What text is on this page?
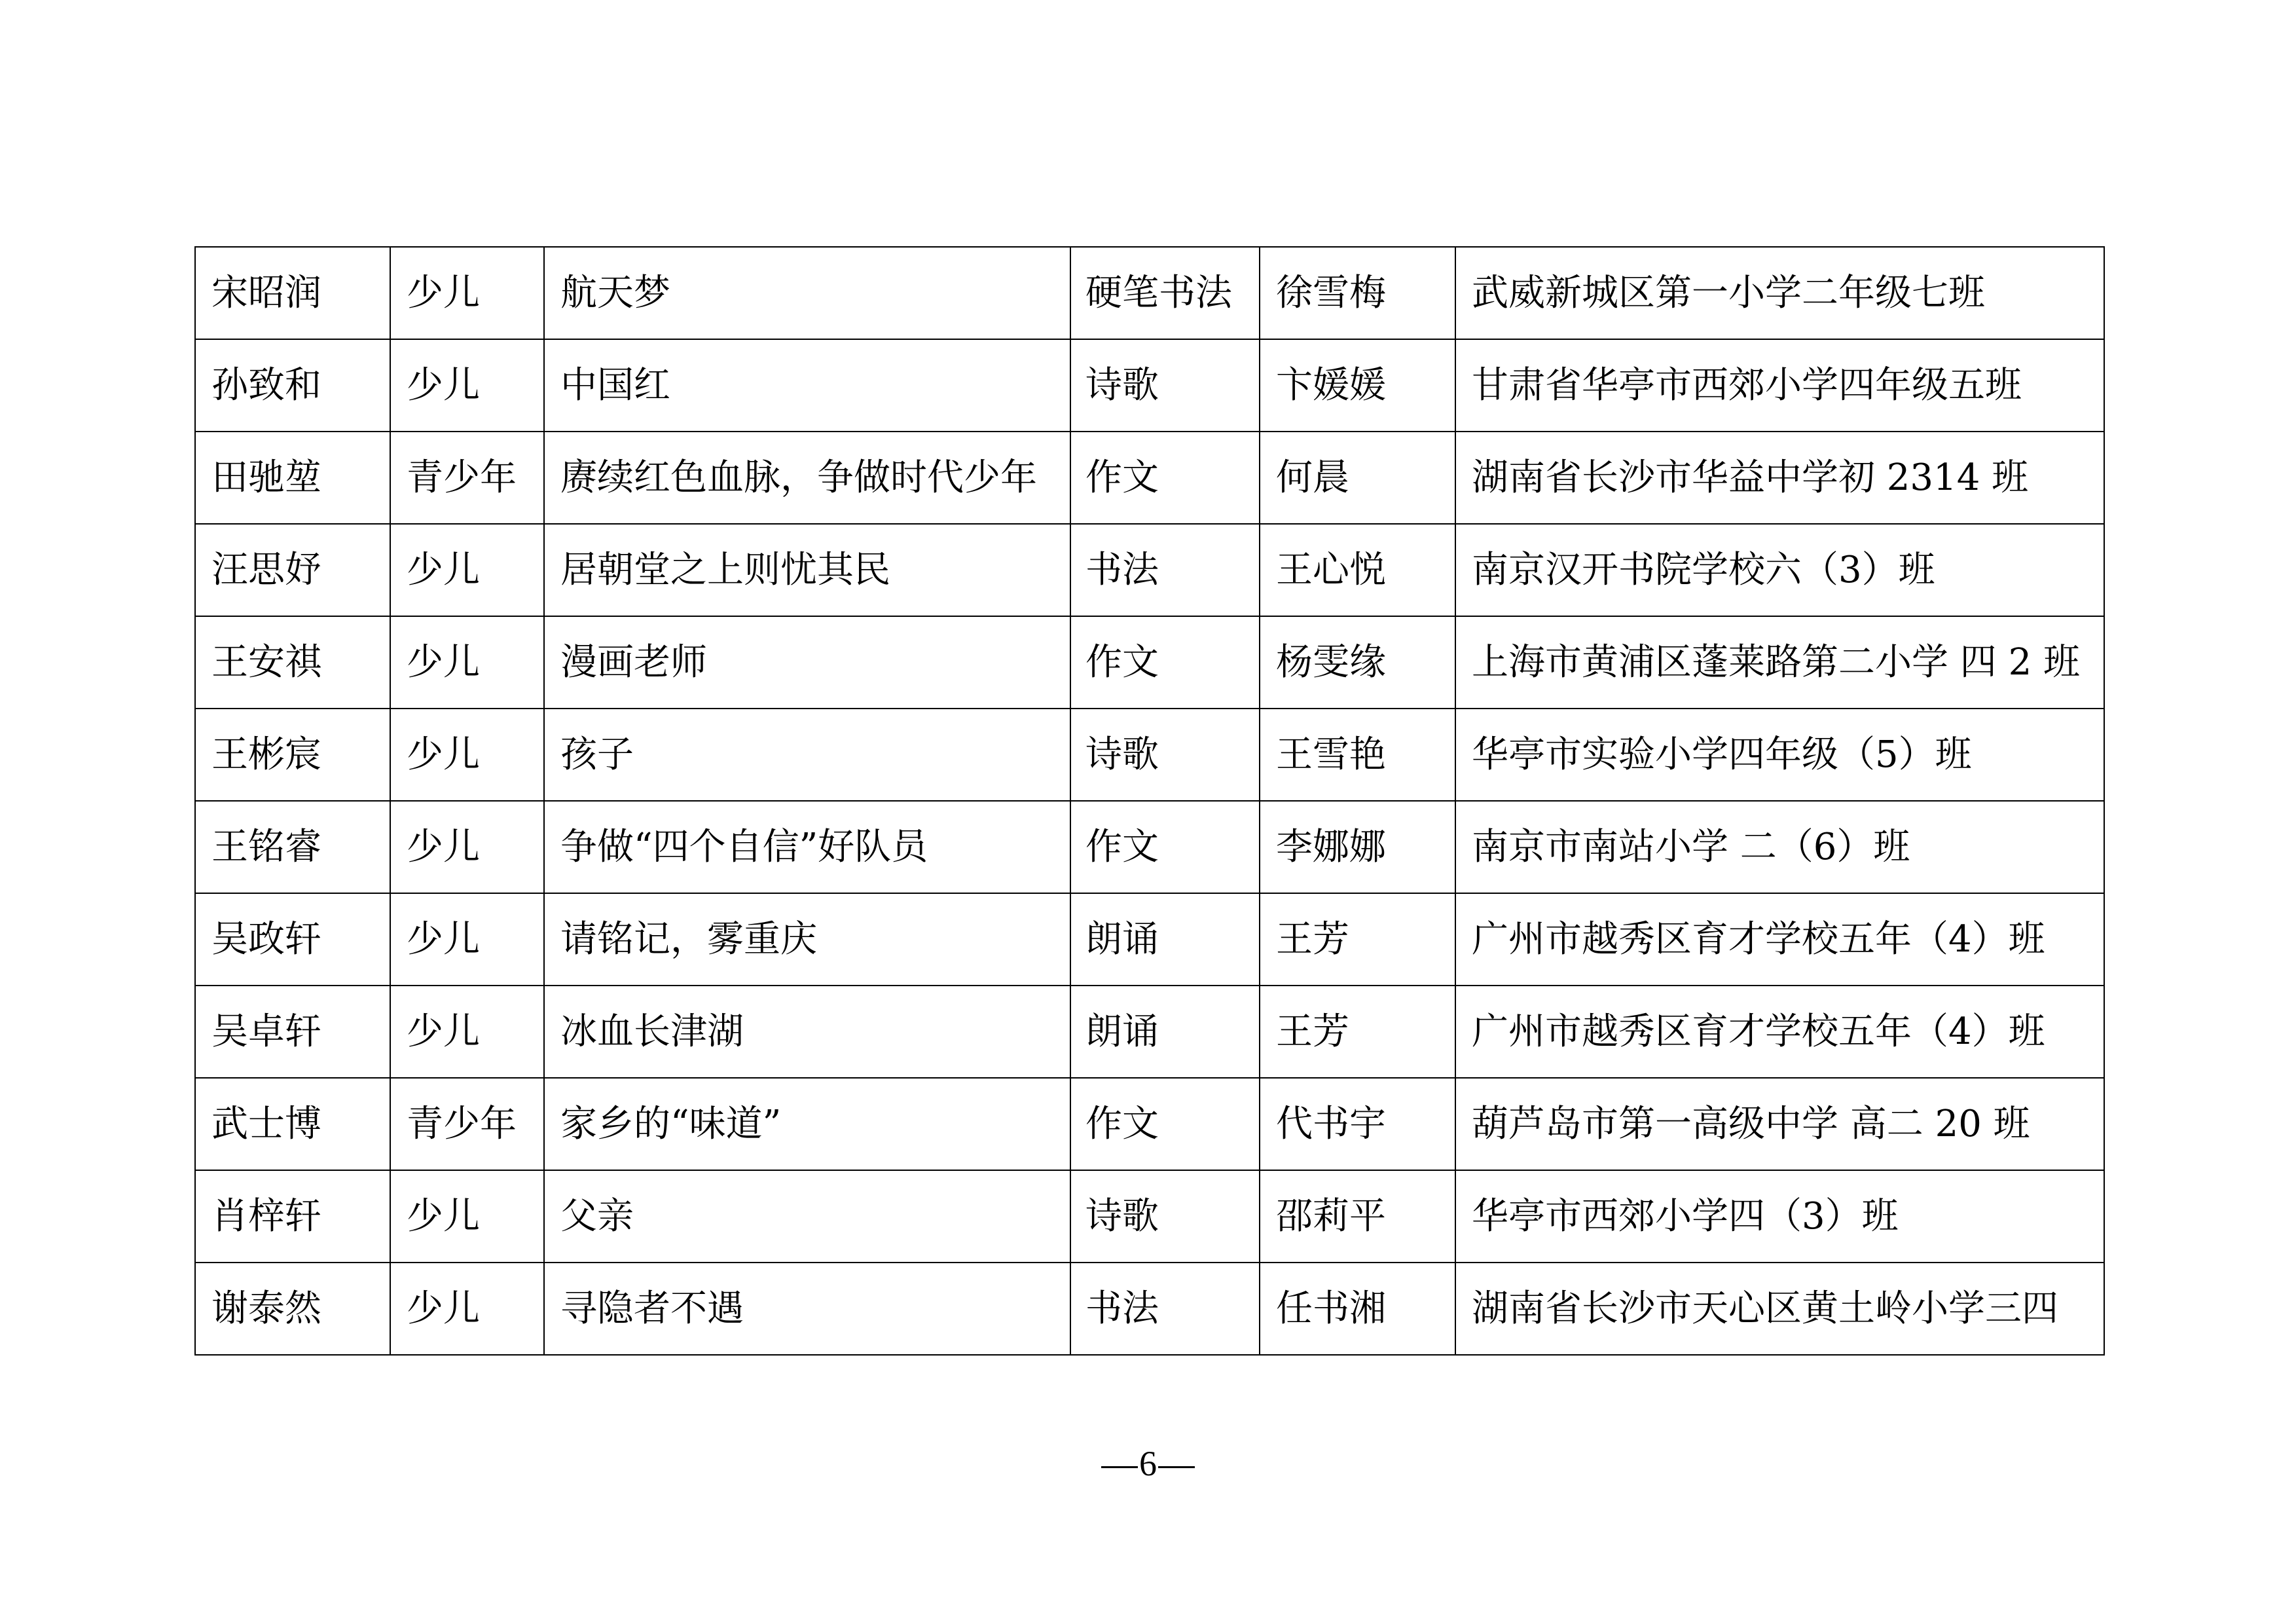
宋昭润	少儿	航天梦	硬笔书法	徐雪梅	武威新城区第一小学二年级七班
孙致和	少儿	中国红	诗歌	卞媛媛	甘肃省华亭市西郊小学四年级五班
田驰堃	青少年	赓续红色血脉，争做时代少年	作文	何晨	湖南省长沙市华益中学初 2314 班
汪思妤	少儿	居朝堂之上则忧其民	书法	王心悦	南京汉开书院学校六（3）班
王安祺	少儿	漫画老师	作文	杨雯缘	上海市黄浦区蓬莱路第二小学 四 2 班
王彬宸	少儿	孩子	诗歌	王雪艳	华亭市实验小学四年级（5）班
王铭睿	少儿	争做“四个自信”好队员	作文	李娜娜	南京市南站小学 二（6）班
吴政轩	少儿	请铭记，雾重庆	朗诵	王芳	广州市越秀区育才学校五年（4）班
吴卓轩	少儿	冰血长津湖	朗诵	王芳	广州市越秀区育才学校五年（4）班
武士博	青少年	家乡的“味道”	作文	代书宇	葫芦岛市第一高级中学 高二 20 班
肖梓轩	少儿	父亲	诗歌	邵莉平	华亭市西郊小学四（3）班
谢泰然	少儿	寻隐者不遇	书法	任书湘	湖南省长沙市天心区黄土岭小学三四
6
